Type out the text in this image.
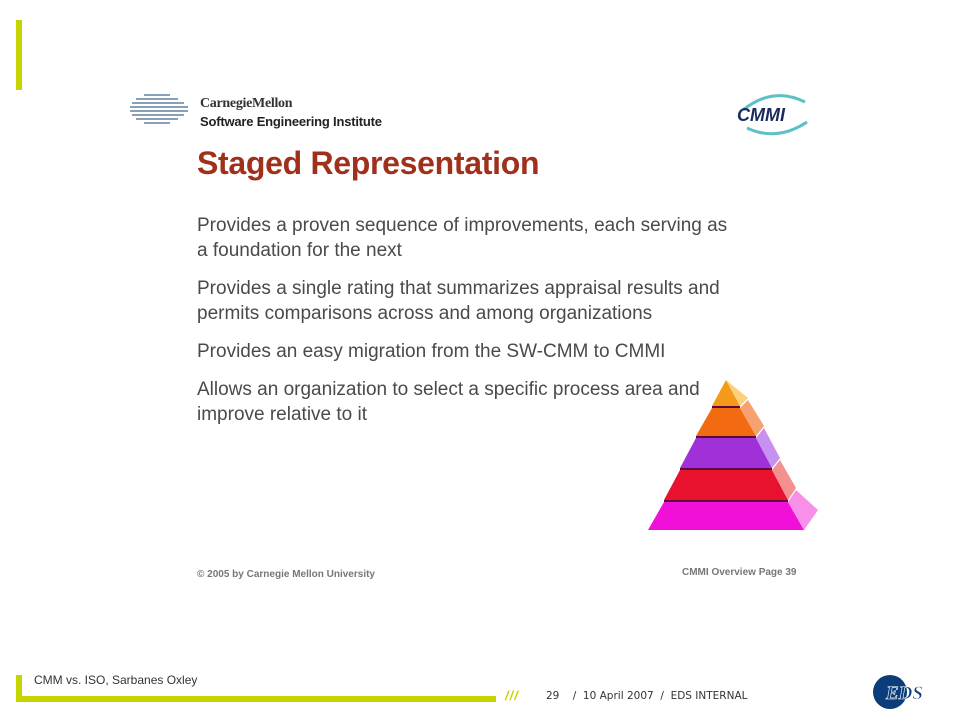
CarnegieMellon
Software Engineering Institute	CMMI
Staged Representation
Provides a proven sequence of improvements, each serving as a foundation for the next
Provides a single rating that summarizes appraisal results and permits comparisons across and among organizations
Provides an easy migration from the SW-CMM to CMMI
Allows an organization to select a specific process area and improve relative to it
© 2005 by Carnegie Mellon University	CMMI Overview Page 39
CMM vs. ISO, Sarbanes Oxley
///	29    /  10 April 2007  /  EDS INTERNAL	EDS
